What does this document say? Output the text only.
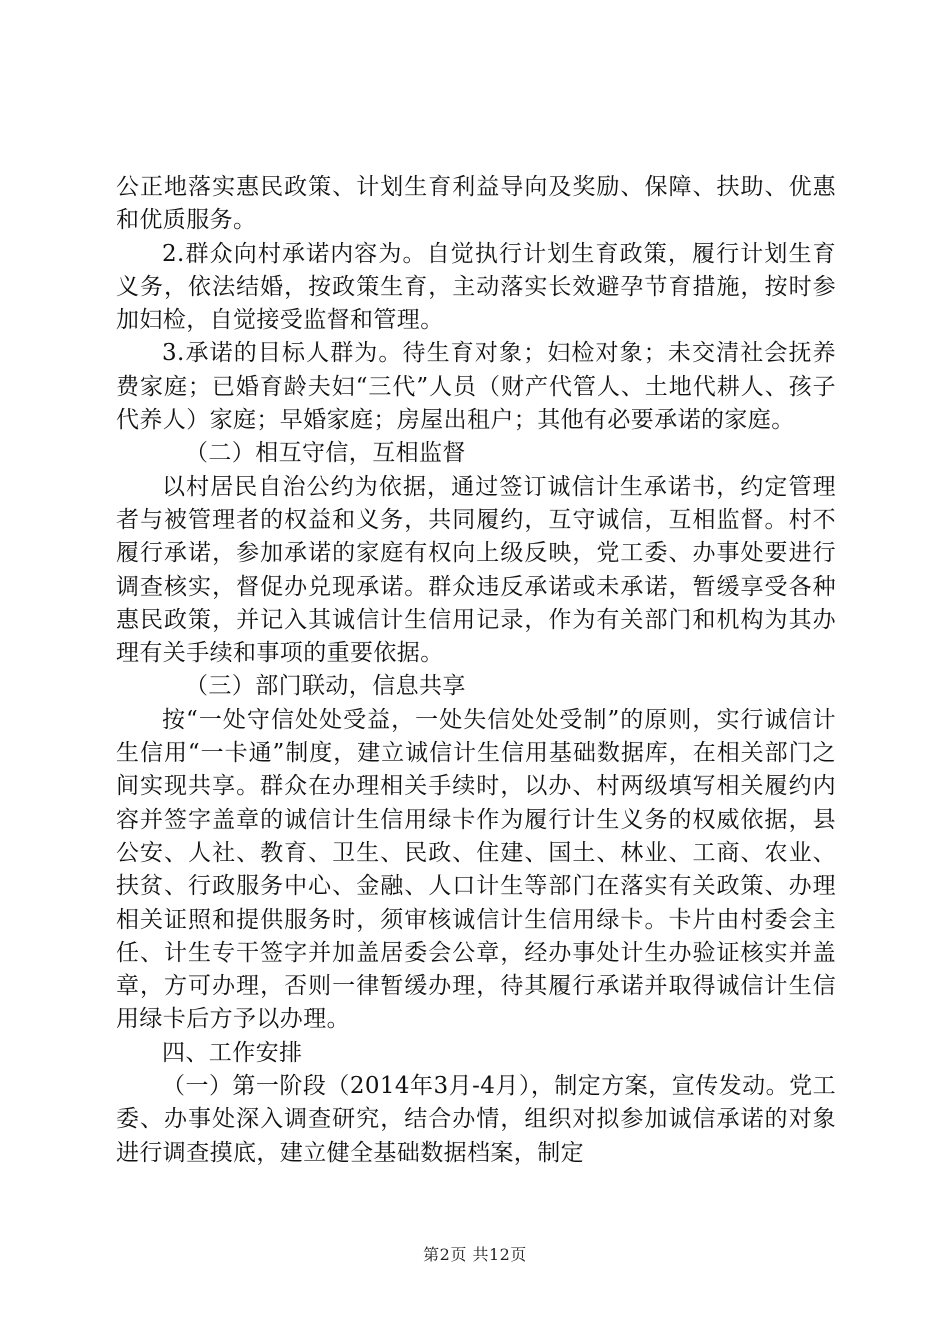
公正地落实惠民政策、计划生育利益导向及奖励、保障、扶助、优惠和优质服务。

2.群众向村承诺内容为。自觉执行计划生育政策，履行计划生育义务，依法结婚，按政策生育，主动落实长效避孕节育措施，按时参加妇检，自觉接受监督和管理。

3.承诺的目标人群为。待生育对象；妇检对象；未交清社会抚养费家庭；已婚育龄夫妇“三代”人员（财产代管人、土地代耕人、孩子代养人）家庭；早婚家庭；房屋出租户；其他有必要承诺的家庭。

（二）相互守信，互相监督

以村居民自治公约为依据，通过签订诚信计生承诺书，约定管理者与被管理者的权益和义务，共同履约，互守诚信，互相监督。村不履行承诺，参加承诺的家庭有权向上级反映，党工委、办事处要进行调查核实，督促办兑现承诺。群众违反承诺或未承诺，暂缓享受各种惠民政策，并记入其诚信计生信用记录，作为有关部门和机构为其办理有关手续和事项的重要依据。

（三）部门联动，信息共享

按“一处守信处处受益，一处失信处处受制”的原则，实行诚信计生信用“一卡通”制度，建立诚信计生信用基础数据库，在相关部门之间实现共享。群众在办理相关手续时，以办、村两级填写相关履约内容并签字盖章的诚信计生信用绿卡作为履行计生义务的权威依据，县公安、人社、教育、卫生、民政、住建、国土、林业、工商、农业、扶贫、行政服务中心、金融、人口计生等部门在落实有关政策、办理相关证照和提供服务时，须审核诚信计生信用绿卡。卡片由村委会主任、计生专干签字并加盖居委会公章，经办事处计生办验证核实并盖章，方可办理，否则一律暂缓办理，待其履行承诺并取得诚信计生信用绿卡后方予以办理。

四、工作安排

（一）第一阶段（2014年3月-4月），制定方案，宣传发动。党工委、办事处深入调查研究，结合办情，组织对拟参加诚信承诺的对象进行调查摸底，建立健全基础数据档案，制定

第2页 共12页
